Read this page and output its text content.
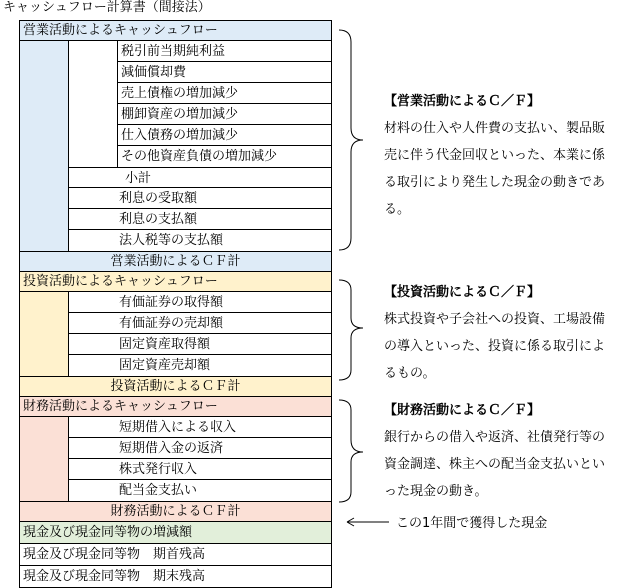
キャッシュフロー計算書（間接法）
営業活動によるキャッシュフロー
税引前当期純利益
減価償却費
売上債権の増加減少
棚卸資産の増加減少
仕入債務の増加減少
その他資産負債の増加減少
小計
利息の受取額
利息の支払額
法人税等の支払額
営業活動によるＣＦ計
投資活動によるキャッシュフロー
有価証券の取得額
有価証券の売却額
固定資産取得額
固定資産売却額
投資活動によるＣＦ計
財務活動によるキャッシュフロー
短期借入による収入
短期借入金の返済
株式発行収入
配当金支払い
財務活動によるＣＦ計
現金及び現金同等物の増減額
現金及び現金同等物　期首残高
現金及び現金同等物　期末残高
【営業活動によるＣ／Ｆ】
材料の仕入や人件費の支払い、製品販売に伴う代金回収といった、本業に係る取引により発生した現金の動きである。
【投資活動によるＣ／Ｆ】
株式投資や子会社への投資、工場設備の導入といった、投資に係る取引によるもの。
【財務活動によるＣ／Ｆ】
銀行からの借入や返済、社債発行等の資金調達、株主への配当金支払いといった現金の動き。
この1年間で獲得した現金
